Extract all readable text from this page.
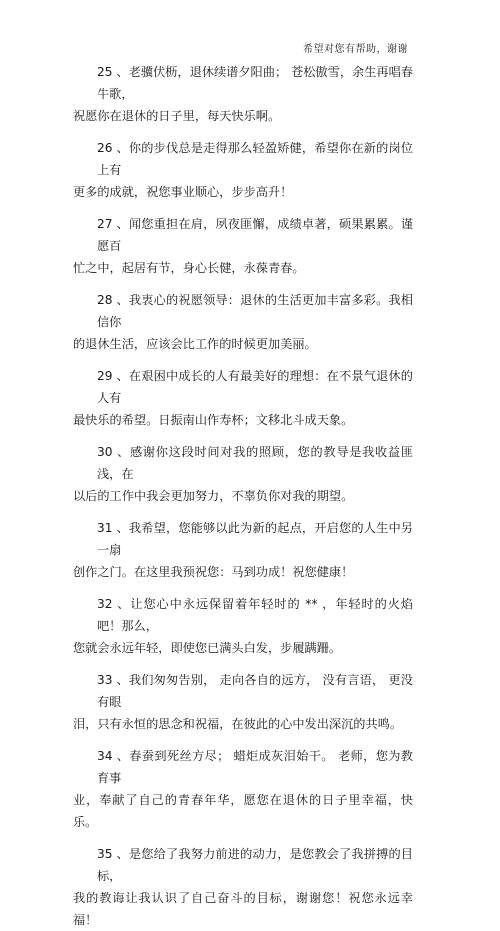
希望对您有帮助，谢谢

25 、老骥伏枥，退休续谱夕阳曲； 苍松傲雪，余生再唱春牛歌，
祝愿你在退休的日子里，每天快乐啊。

26 、你的步伐总是走得那么轻盈矫健，希望你在新的岗位上有
更多的成就，祝您事业顺心，步步高升！

27 、闻您重担在肩，夙夜匪懈，成绩卓著，硕果累累。谨愿百
忙之中，起居有节，身心长健，永葆青春。

28 、我衷心的祝愿领导：退休的生活更加丰富多彩。我相信你
的退休生活，应该会比工作的时候更加美丽。

29 、在艰困中成长的人有最美好的理想：在不景气退休的人有
最快乐的希望。日振南山作寿杯；文移北斗成天象。

30 、感谢你这段时间对我的照顾，您的教导是我收益匪浅，在
以后的工作中我会更加努力，不辜负你对我的期望。

31 、我希望，您能够以此为新的起点，开启您的人生中另一扇
创作之门。在这里我预祝您：马到功成！祝您健康！

32 、让您心中永远保留着年轻时的 ** ，年轻时的火焰吧！那么，
您就会永远年轻，即使您已满头白发，步履蹒跚。

33 、我们匆匆告别， 走向各自的远方， 没有言语， 更没有眼
泪，只有永恒的思念和祝福，在彼此的心中发出深沉的共鸣。

34 、春蚕到死丝方尽； 蜡炬成灰泪始干。 老师，您为教育事
业，奉献了自己的青春年华，愿您在退休的日子里幸福，快乐。

35 、是您给了我努力前进的动力，是您教会了我拼搏的目标，
我的教诲让我认识了自己奋斗的目标，谢谢您！祝您永远幸福！
